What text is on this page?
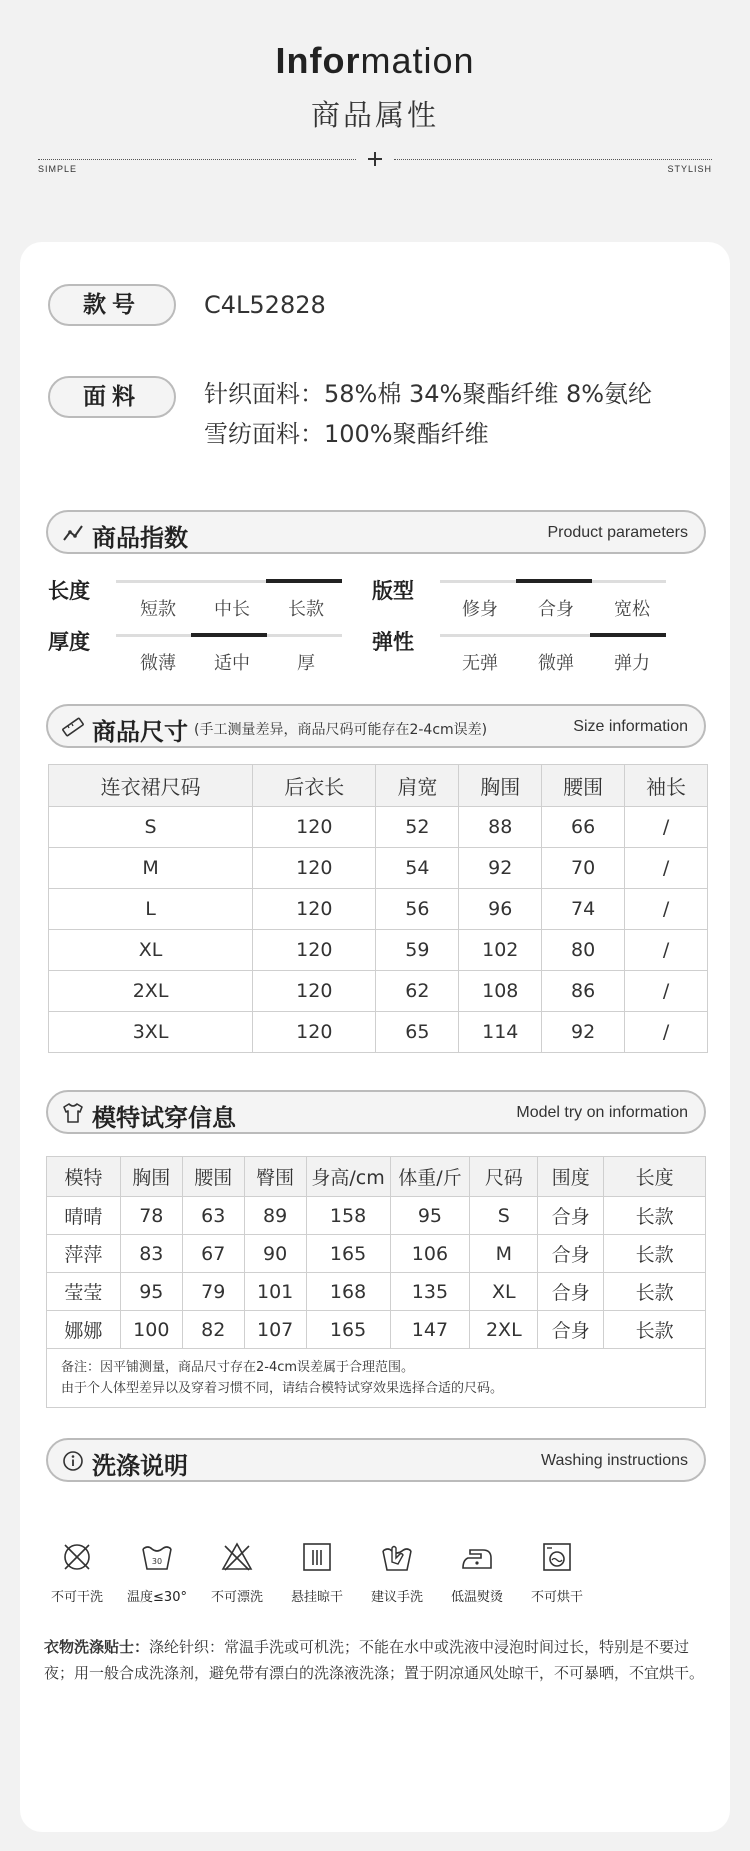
Information
商品属性
SIMPLE	STYLISH
款号	C4L52828
面料	针织面料：58%棉 34%聚酯纤维 8%氨纶
雪纺面料：100%聚酯纤维
商品指数	Product parameters
长度
短款	中长	长款
版型
修身	合身	宽松
厚度
微薄	适中	厚
弹性
无弹	微弹	弹力
商品尺寸 (手工测量差异，商品尺码可能存在2-4cm误差)	Size information
连衣裙尺码	后衣长	肩宽	胸围	腰围	袖长
S	120	52	88	66	/
M	120	54	92	70	/
L	120	56	96	74	/
XL	120	59	102	80	/
2XL	120	62	108	86	/
3XL	120	65	114	92	/
模特试穿信息	Model try on information
模特	胸围	腰围	臀围	身高/cm	体重/斤	尺码	围度	长度
晴晴	78	63	89	158	95	S	合身	长款
萍萍	83	67	90	165	106	M	合身	长款
莹莹	95	79	101	168	135	XL	合身	长款
娜娜	100	82	107	165	147	2XL	合身	长款
备注：因平铺测量，商品尺寸存在2-4cm误差属于合理范围。
由于个人体型差异以及穿着习惯不同，请结合模特试穿效果选择合适的尺码。
洗涤说明	Washing instructions
不可干洗
30
温度≤30°	不可漂洗	悬挂晾干	建议手洗	低温熨烫	不可烘干
衣物洗涤贴士：涤纶针织：常温手洗或可机洗；不能在水中或洗液中浸泡时间过长，特别是不要过夜；用一般合成洗涤剂，避免带有漂白的洗涤液洗涤；置于阴凉通风处晾干，不可暴晒，不宜烘干。
